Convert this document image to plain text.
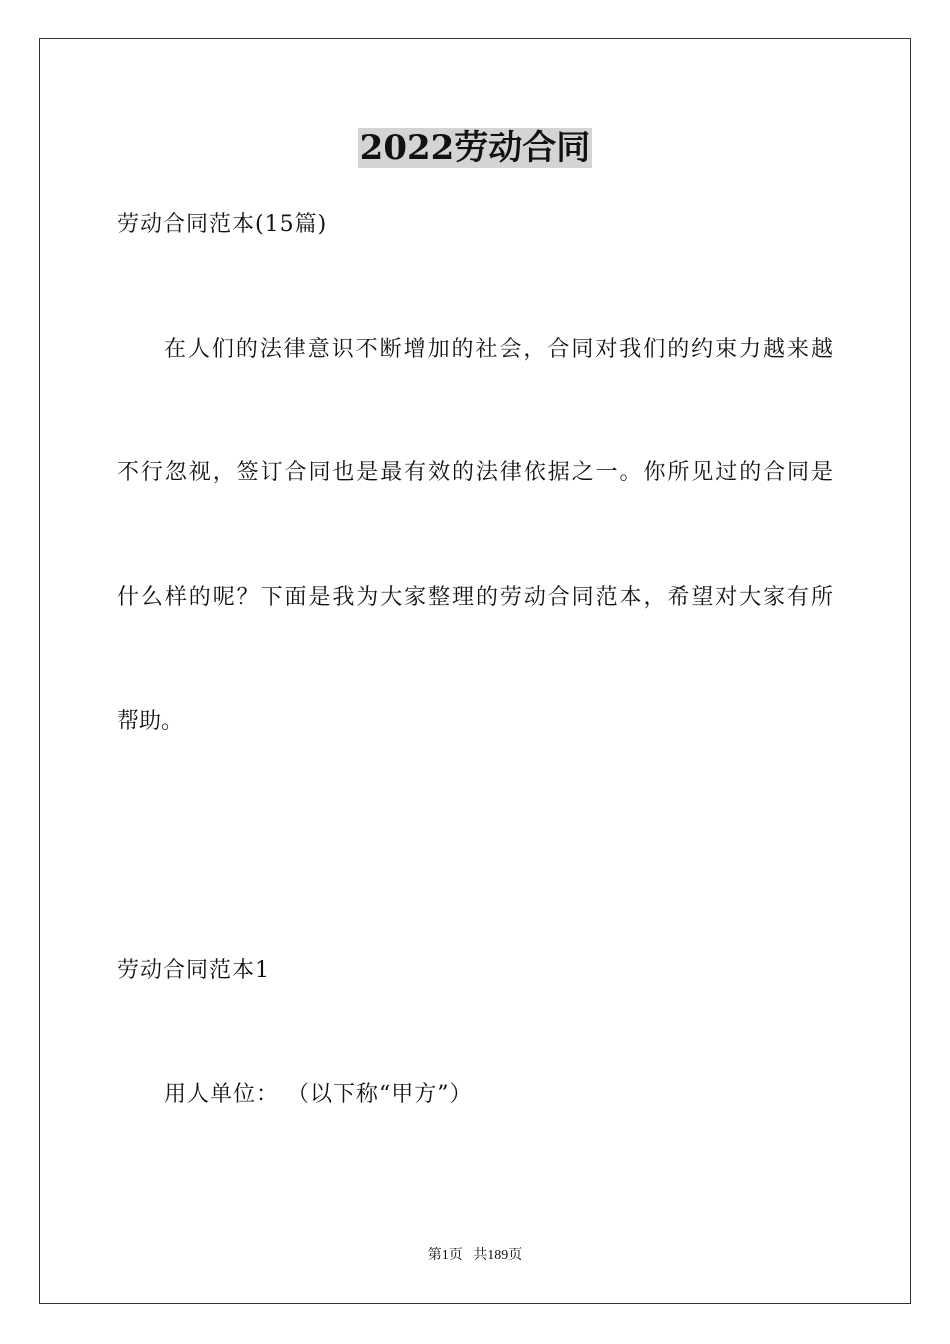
2022劳动合同
劳动合同范本(15篇)
在人们的法律意识不断增加的社会，合同对我们的约束力越来越
不行忽视，签订合同也是最有效的法律依据之一。你所见过的合同是
什么样的呢？下面是我为大家整理的劳动合同范本，希望对大家有所
帮助。
劳动合同范本1
用人单位： （以下称“甲方”）
第1页   共189页
